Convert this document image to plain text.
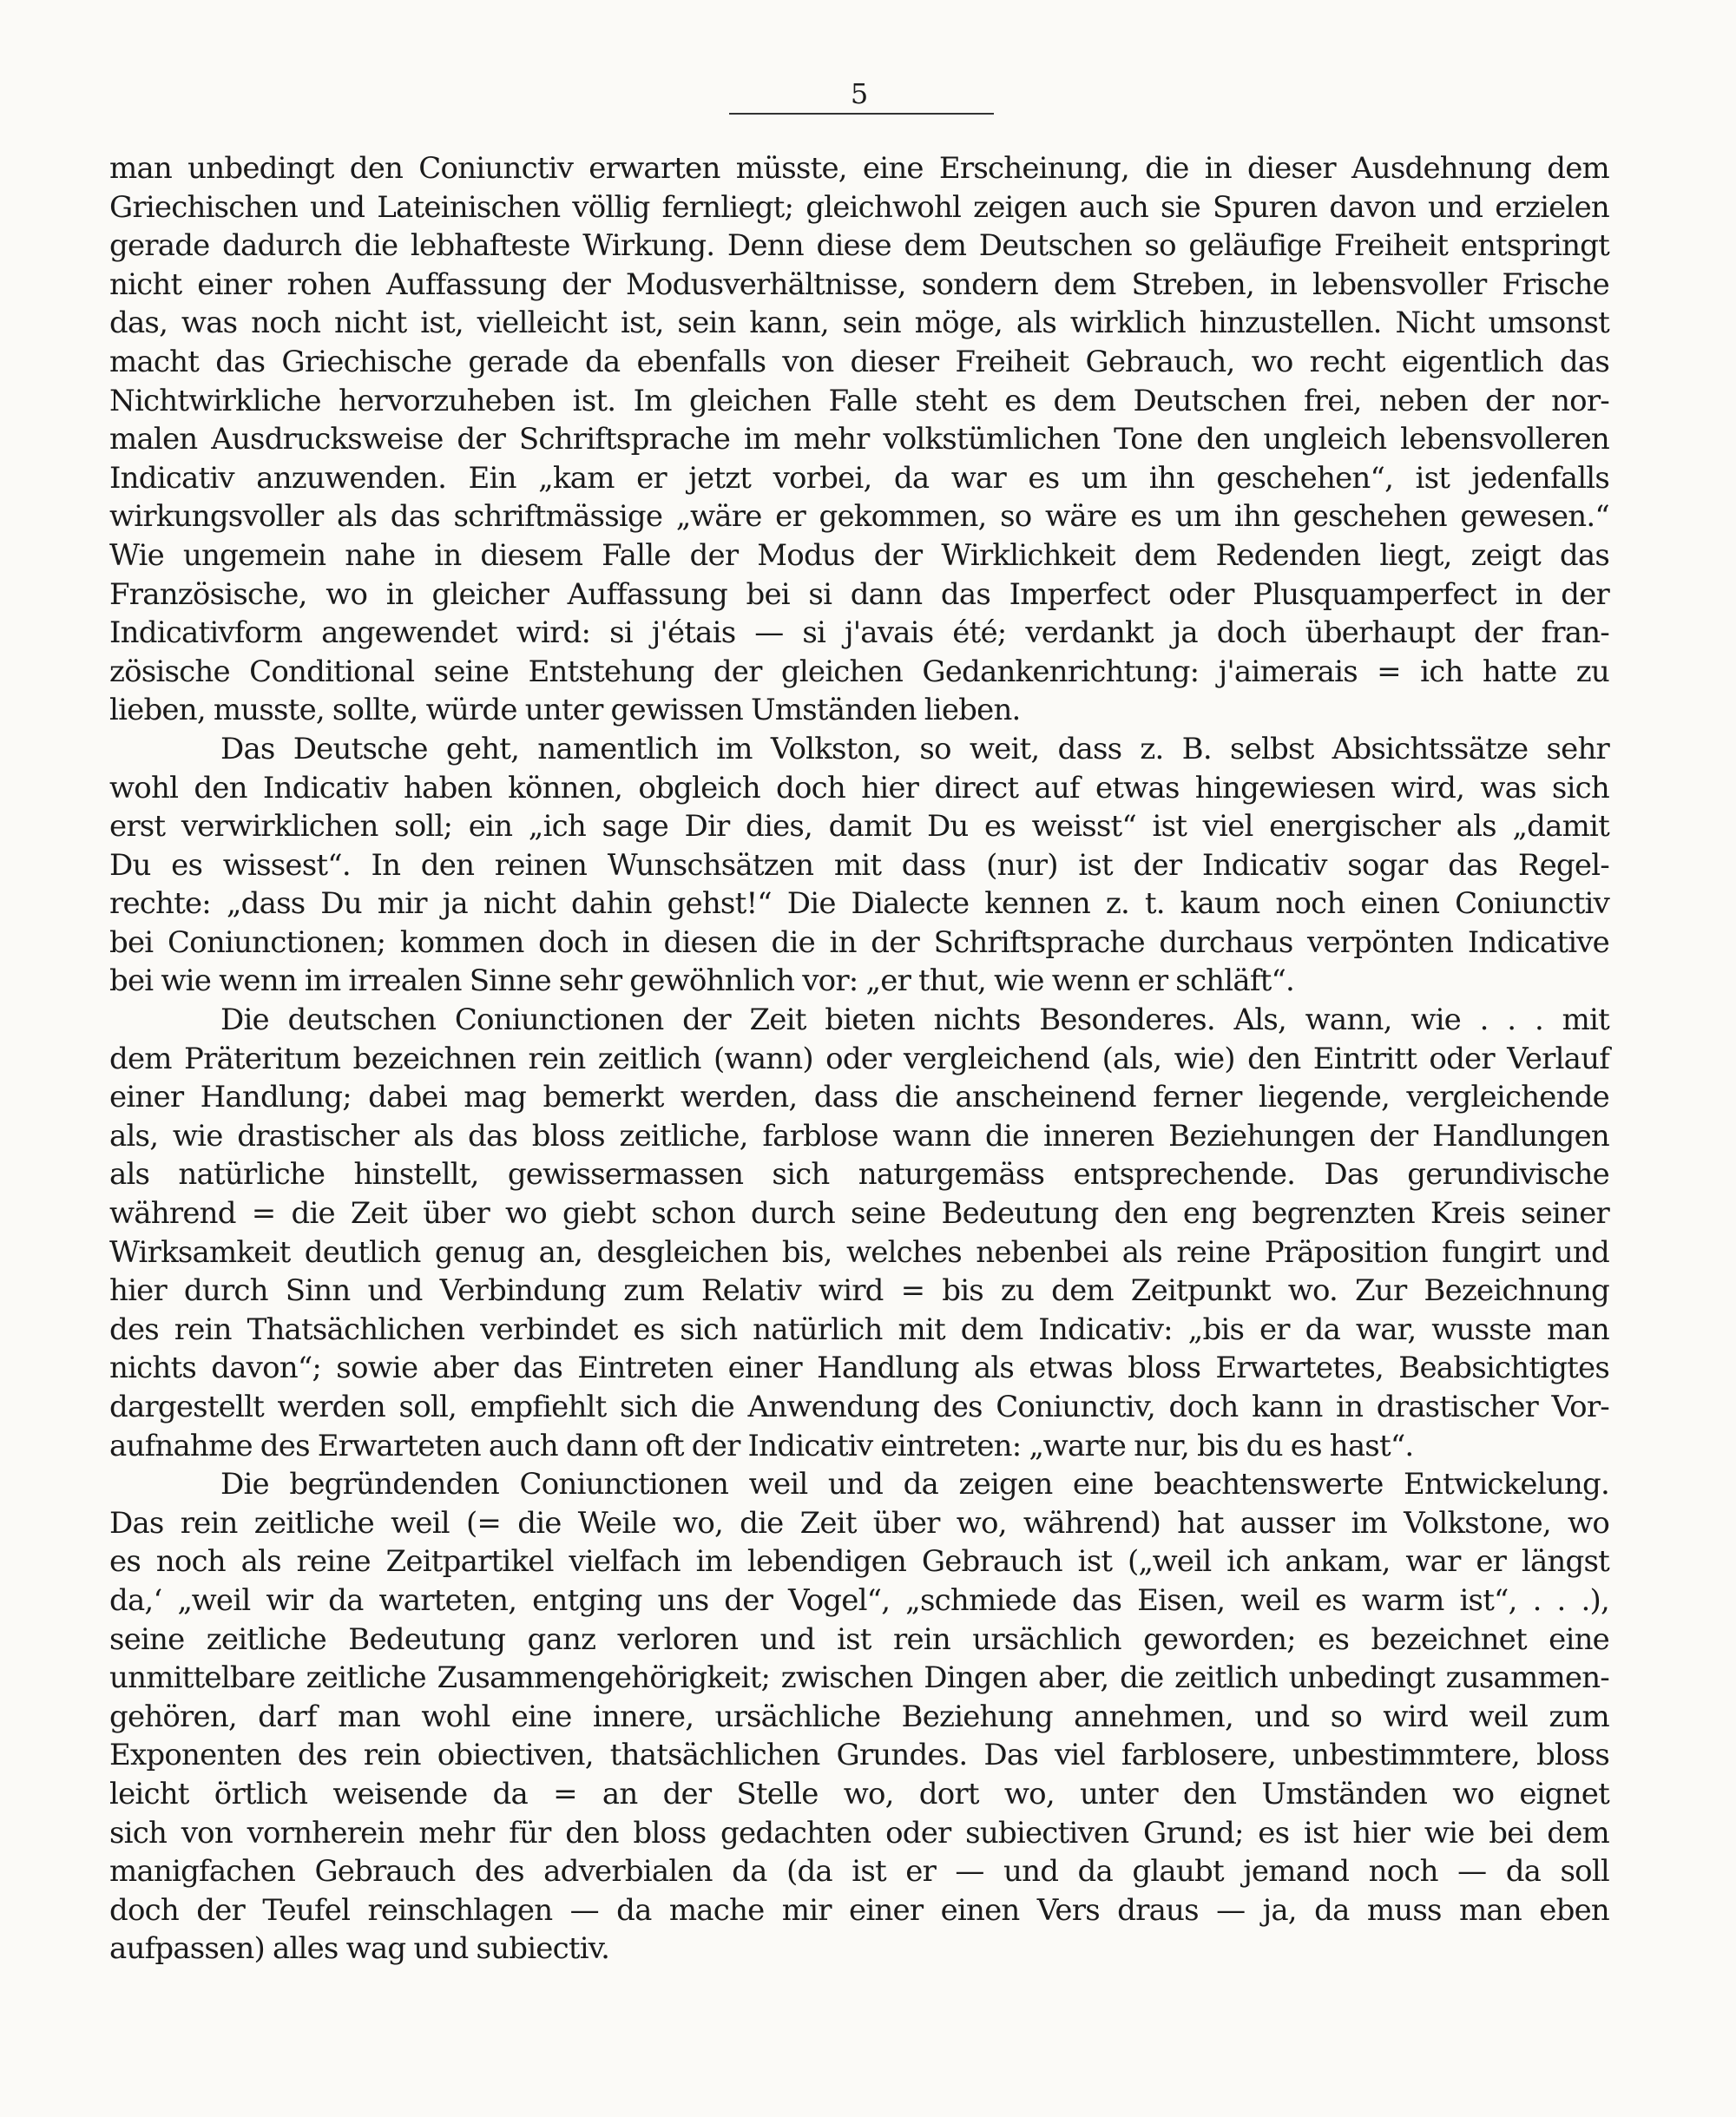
5
man unbedingt den Coniunctiv erwarten müsste, eine Erscheinung, die in dieser Ausdehnung dem
Griechischen und Lateinischen völlig fernliegt; gleichwohl zeigen auch sie Spuren davon und erzielen
gerade dadurch die lebhafteste Wirkung. Denn diese dem Deutschen so geläufige Freiheit entspringt
nicht einer rohen Auffassung der Modusverhältnisse, sondern dem Streben, in lebensvoller Frische
das, was noch nicht ist, vielleicht ist, sein kann, sein möge, als wirklich hinzustellen. Nicht umsonst
macht das Griechische gerade da ebenfalls von dieser Freiheit Gebrauch, wo recht eigentlich das
Nichtwirkliche hervorzuheben ist. Im gleichen Falle steht es dem Deutschen frei, neben der nor-
malen Ausdrucksweise der Schriftsprache im mehr volkstümlichen Tone den ungleich lebensvolleren
Indicativ anzuwenden. Ein „kam er jetzt vorbei, da war es um ihn geschehen“, ist jedenfalls
wirkungsvoller als das schriftmässige „wäre er gekommen, so wäre es um ihn geschehen gewesen.“
Wie ungemein nahe in diesem Falle der Modus der Wirklichkeit dem Redenden liegt, zeigt das
Französische, wo in gleicher Auffassung bei si dann das Imperfect oder Plusquamperfect in der
Indicativform angewendet wird: si j'étais — si j'avais été; verdankt ja doch überhaupt der fran-
zösische Conditional seine Entstehung der gleichen Gedankenrichtung: j'aimerais = ich hatte zu
lieben, musste, sollte, würde unter gewissen Umständen lieben.
Das Deutsche geht, namentlich im Volkston, so weit, dass z. B. selbst Absichtssätze sehr
wohl den Indicativ haben können, obgleich doch hier direct auf etwas hingewiesen wird, was sich
erst verwirklichen soll; ein „ich sage Dir dies, damit Du es weisst“ ist viel energischer als „damit
Du es wissest“. In den reinen Wunschsätzen mit dass (nur) ist der Indicativ sogar das Regel-
rechte: „dass Du mir ja nicht dahin gehst!“ Die Dialecte kennen z. t. kaum noch einen Coniunctiv
bei Coniunctionen; kommen doch in diesen die in der Schriftsprache durchaus verpönten Indicative
bei wie wenn im irrealen Sinne sehr gewöhnlich vor: „er thut, wie wenn er schläft“.
Die deutschen Coniunctionen der Zeit bieten nichts Besonderes. Als, wann, wie . . . mit
dem Präteritum bezeichnen rein zeitlich (wann) oder vergleichend (als, wie) den Eintritt oder Verlauf
einer Handlung; dabei mag bemerkt werden, dass die anscheinend ferner liegende, vergleichende
als, wie drastischer als das bloss zeitliche, farblose wann die inneren Beziehungen der Handlungen
als natürliche hinstellt, gewissermassen sich naturgemäss entsprechende. Das gerundivische
während = die Zeit über wo giebt schon durch seine Bedeutung den eng begrenzten Kreis seiner
Wirksamkeit deutlich genug an, desgleichen bis, welches nebenbei als reine Präposition fungirt und
hier durch Sinn und Verbindung zum Relativ wird = bis zu dem Zeitpunkt wo. Zur Bezeichnung
des rein Thatsächlichen verbindet es sich natürlich mit dem Indicativ: „bis er da war, wusste man
nichts davon“; sowie aber das Eintreten einer Handlung als etwas bloss Erwartetes, Beabsichtigtes
dargestellt werden soll, empfiehlt sich die Anwendung des Coniunctiv, doch kann in drastischer Vor-
aufnahme des Erwarteten auch dann oft der Indicativ eintreten: „warte nur, bis du es hast“.
Die begründenden Coniunctionen weil und da zeigen eine beachtenswerte Entwickelung.
Das rein zeitliche weil (= die Weile wo, die Zeit über wo, während) hat ausser im Volkstone, wo
es noch als reine Zeitpartikel vielfach im lebendigen Gebrauch ist („weil ich ankam, war er längst
da,‘ „weil wir da warteten, entging uns der Vogel“, „schmiede das Eisen, weil es warm ist“, . . .),
seine zeitliche Bedeutung ganz verloren und ist rein ursächlich geworden; es bezeichnet eine
unmittelbare zeitliche Zusammengehörigkeit; zwischen Dingen aber, die zeitlich unbedingt zusammen-
gehören, darf man wohl eine innere, ursächliche Beziehung annehmen, und so wird weil zum
Exponenten des rein obiectiven, thatsächlichen Grundes. Das viel farblosere, unbestimmtere, bloss
leicht örtlich weisende da = an der Stelle wo, dort wo, unter den Umständen wo eignet
sich von vornherein mehr für den bloss gedachten oder subiectiven Grund; es ist hier wie bei dem
manigfachen Gebrauch des adverbialen da (da ist er — und da glaubt jemand noch — da soll
doch der Teufel reinschlagen — da mache mir einer einen Vers draus — ja, da muss man eben
aufpassen) alles wag und subiectiv.
